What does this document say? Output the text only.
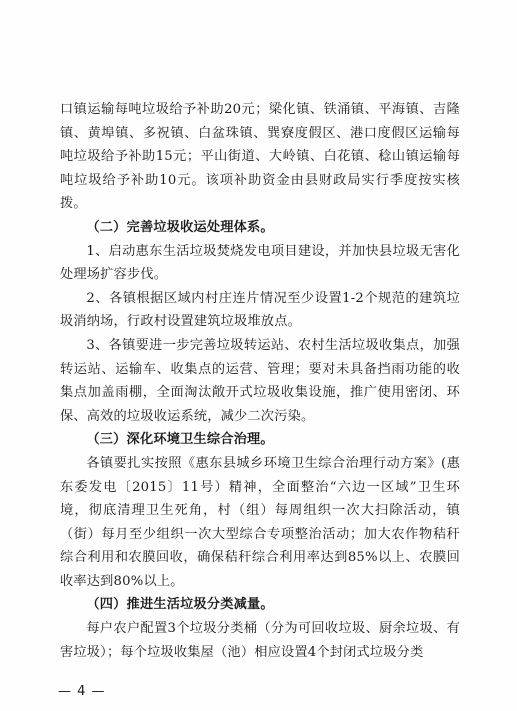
口镇运输每吨垃圾给予补助20元；梁化镇、铁涌镇、平海镇、吉隆镇、黄埠镇、多祝镇、白盆珠镇、巽寮度假区、港口度假区运输每吨垃圾给予补助15元；平山街道、大岭镇、白花镇、稔山镇运输每吨垃圾给予补助10元。该项补助资金由县财政局实行季度按实核拨。

（二）完善垃圾收运处理体系。

1、启动惠东生活垃圾焚烧发电项目建设，并加快县垃圾无害化处理场扩容步伐。

2、各镇根据区域内村庄连片情况至少设置1-2个规范的建筑垃圾消纳场，行政村设置建筑垃圾堆放点。

3、各镇要进一步完善垃圾转运站、农村生活垃圾收集点，加强转运站、运输车、收集点的运营、管理；要对未具备挡雨功能的收集点加盖雨棚，全面淘汰敞开式垃圾收集设施，推广使用密闭、环保、高效的垃圾收运系统，减少二次污染。

（三）深化环境卫生综合治理。

各镇要扎实按照《惠东县城乡环境卫生综合治理行动方案》(惠东委发电〔2015〕11号）精神，全面整治“六边一区域”卫生环境，彻底清理卫生死角，村（组）每周组织一次大扫除活动，镇（街）每月至少组织一次大型综合专项整治活动；加大农作物秸秆综合利用和农膜回收，确保秸秆综合利用率达到85%以上、农膜回收率达到80%以上。

（四）推进生活垃圾分类减量。

每户农户配置3个垃圾分类桶（分为可回收垃圾、厨余垃圾、有害垃圾）；每个垃圾收集屋（池）相应设置4个封闭式垃圾分类

— 4 —
